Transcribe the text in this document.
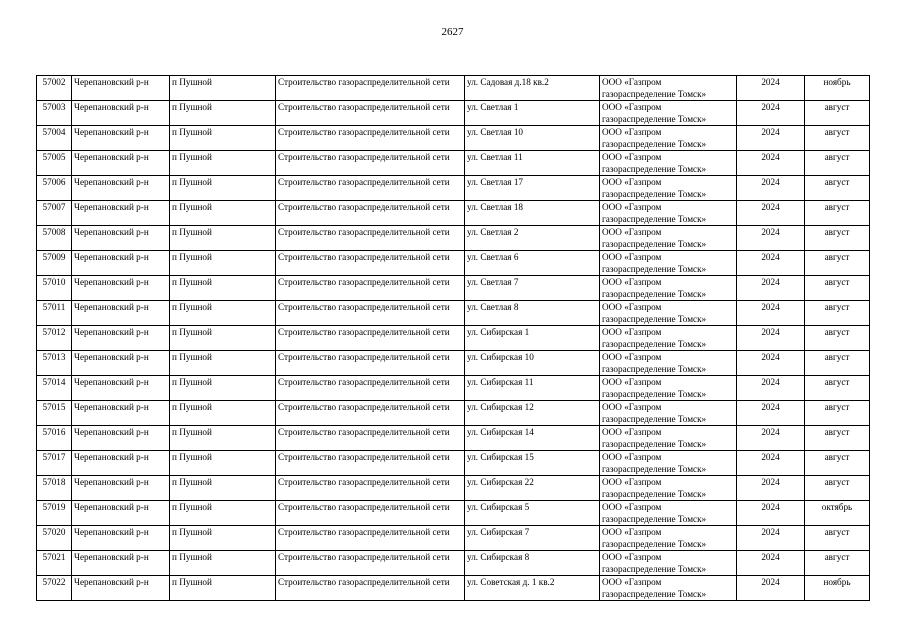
2627
57002	Черепановский р-н	п Пушной	Строительство газораспределительной сети	ул. Садовая д.18 кв.2	ООО «Газпром
газораспределение Томск»	2024	ноябрь
57003	Черепановский р-н	п Пушной	Строительство газораспределительной сети	ул. Светлая 1	ООО «Газпром
газораспределение Томск»	2024	август
57004	Черепановский р-н	п Пушной	Строительство газораспределительной сети	ул. Светлая 10	ООО «Газпром
газораспределение Томск»	2024	август
57005	Черепановский р-н	п Пушной	Строительство газораспределительной сети	ул. Светлая 11	ООО «Газпром
газораспределение Томск»	2024	август
57006	Черепановский р-н	п Пушной	Строительство газораспределительной сети	ул. Светлая 17	ООО «Газпром
газораспределение Томск»	2024	август
57007	Черепановский р-н	п Пушной	Строительство газораспределительной сети	ул. Светлая 18	ООО «Газпром
газораспределение Томск»	2024	август
57008	Черепановский р-н	п Пушной	Строительство газораспределительной сети	ул. Светлая 2	ООО «Газпром
газораспределение Томск»	2024	август
57009	Черепановский р-н	п Пушной	Строительство газораспределительной сети	ул. Светлая 6	ООО «Газпром
газораспределение Томск»	2024	август
57010	Черепановский р-н	п Пушной	Строительство газораспределительной сети	ул. Светлая 7	ООО «Газпром
газораспределение Томск»	2024	август
57011	Черепановский р-н	п Пушной	Строительство газораспределительной сети	ул. Светлая 8	ООО «Газпром
газораспределение Томск»	2024	август
57012	Черепановский р-н	п Пушной	Строительство газораспределительной сети	ул. Сибирская 1	ООО «Газпром
газораспределение Томск»	2024	август
57013	Черепановский р-н	п Пушной	Строительство газораспределительной сети	ул. Сибирская 10	ООО «Газпром
газораспределение Томск»	2024	август
57014	Черепановский р-н	п Пушной	Строительство газораспределительной сети	ул. Сибирская 11	ООО «Газпром
газораспределение Томск»	2024	август
57015	Черепановский р-н	п Пушной	Строительство газораспределительной сети	ул. Сибирская 12	ООО «Газпром
газораспределение Томск»	2024	август
57016	Черепановский р-н	п Пушной	Строительство газораспределительной сети	ул. Сибирская 14	ООО «Газпром
газораспределение Томск»	2024	август
57017	Черепановский р-н	п Пушной	Строительство газораспределительной сети	ул. Сибирская 15	ООО «Газпром
газораспределение Томск»	2024	август
57018	Черепановский р-н	п Пушной	Строительство газораспределительной сети	ул. Сибирская 22	ООО «Газпром
газораспределение Томск»	2024	август
57019	Черепановский р-н	п Пушной	Строительство газораспределительной сети	ул. Сибирская 5	ООО «Газпром
газораспределение Томск»	2024	октябрь
57020	Черепановский р-н	п Пушной	Строительство газораспределительной сети	ул. Сибирская 7	ООО «Газпром
газораспределение Томск»	2024	август
57021	Черепановский р-н	п Пушной	Строительство газораспределительной сети	ул. Сибирская 8	ООО «Газпром
газораспределение Томск»	2024	август
57022	Черепановский р-н	п Пушной	Строительство газораспределительной сети	ул. Советская д. 1 кв.2	ООО «Газпром
газораспределение Томск»	2024	ноябрь
